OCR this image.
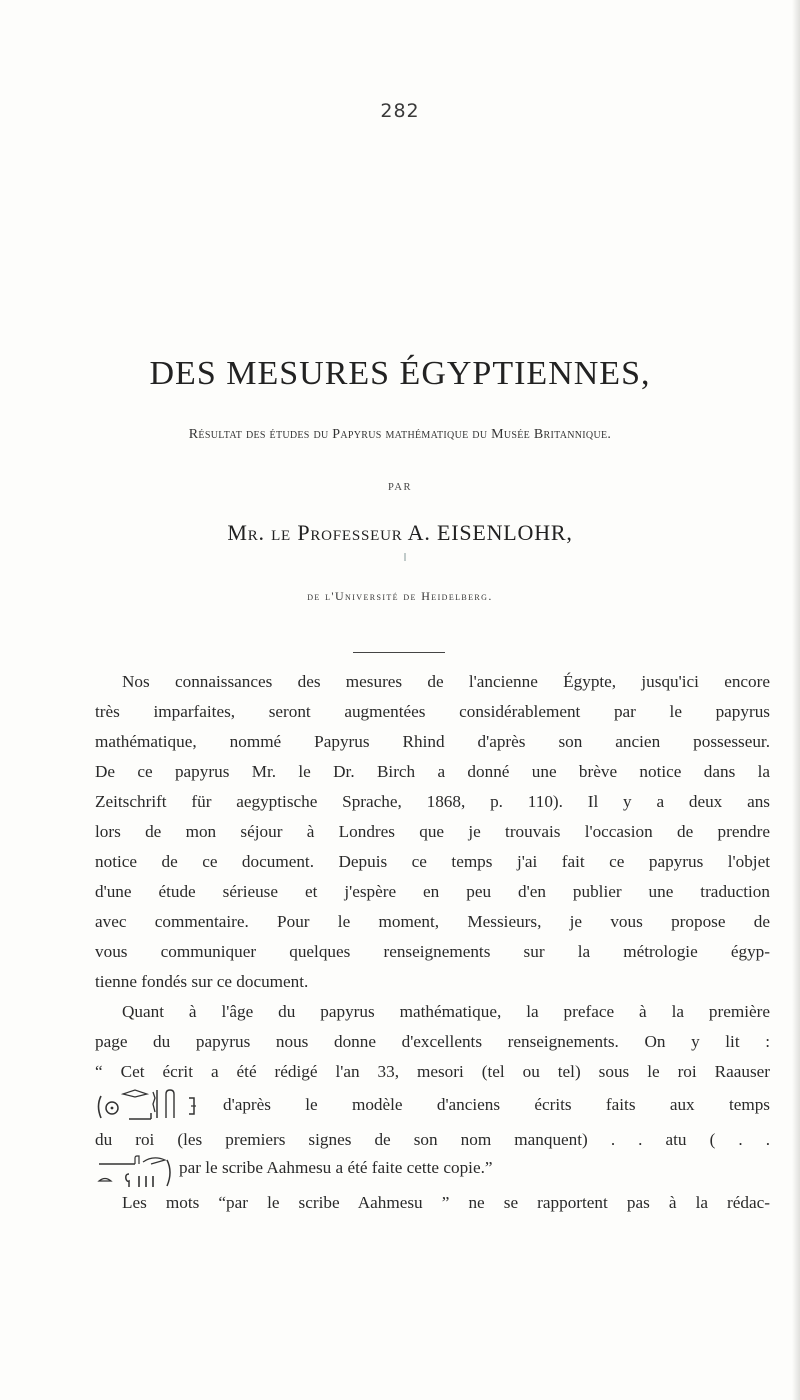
282
DES MESURES ÉGYPTIENNES,
Résultat des études du Papyrus mathématique du Musée Britannique.
PAR
Mr. le Professeur A. EISENLOHR,
de l'Université de Heidelberg.
Nos connaissances des mesures de l'ancienne Égypte, jusqu'ici encore
très imparfaites, seront augmentées considérablement par le papyrus
mathématique, nommé Papyrus Rhind d'après son ancien possesseur.
De ce papyrus Mr. le Dr. Birch a donné une brève notice dans la
Zeitschrift für aegyptische Sprache, 1868, p. 110). Il y a deux ans
lors de mon séjour à Londres que je trouvais l'occasion de prendre
notice de ce document. Depuis ce temps j'ai fait ce papyrus l'objet
d'une étude sérieuse et j'espère en peu d'en publier une traduction
avec commentaire. Pour le moment, Messieurs, je vous propose de
vous communiquer quelques renseignements sur la métrologie égyp-
tienne fondés sur ce document.
Quant à l'âge du papyrus mathématique, la preface à la première
page du papyrus nous donne d'excellents renseignements. On y lit :
“ Cet écrit a été rédigé l'an 33, mesori (tel ou tel) sous le roi Raauser
d'après le modèle d'anciens écrits faits aux temps
du roi (les premiers signes de son nom manquent) . . atu ( . .
par le scribe Aahmesu a été faite cette copie.”
Les mots “par le scribe Aahmesu ” ne se rapportent pas à la rédac-
